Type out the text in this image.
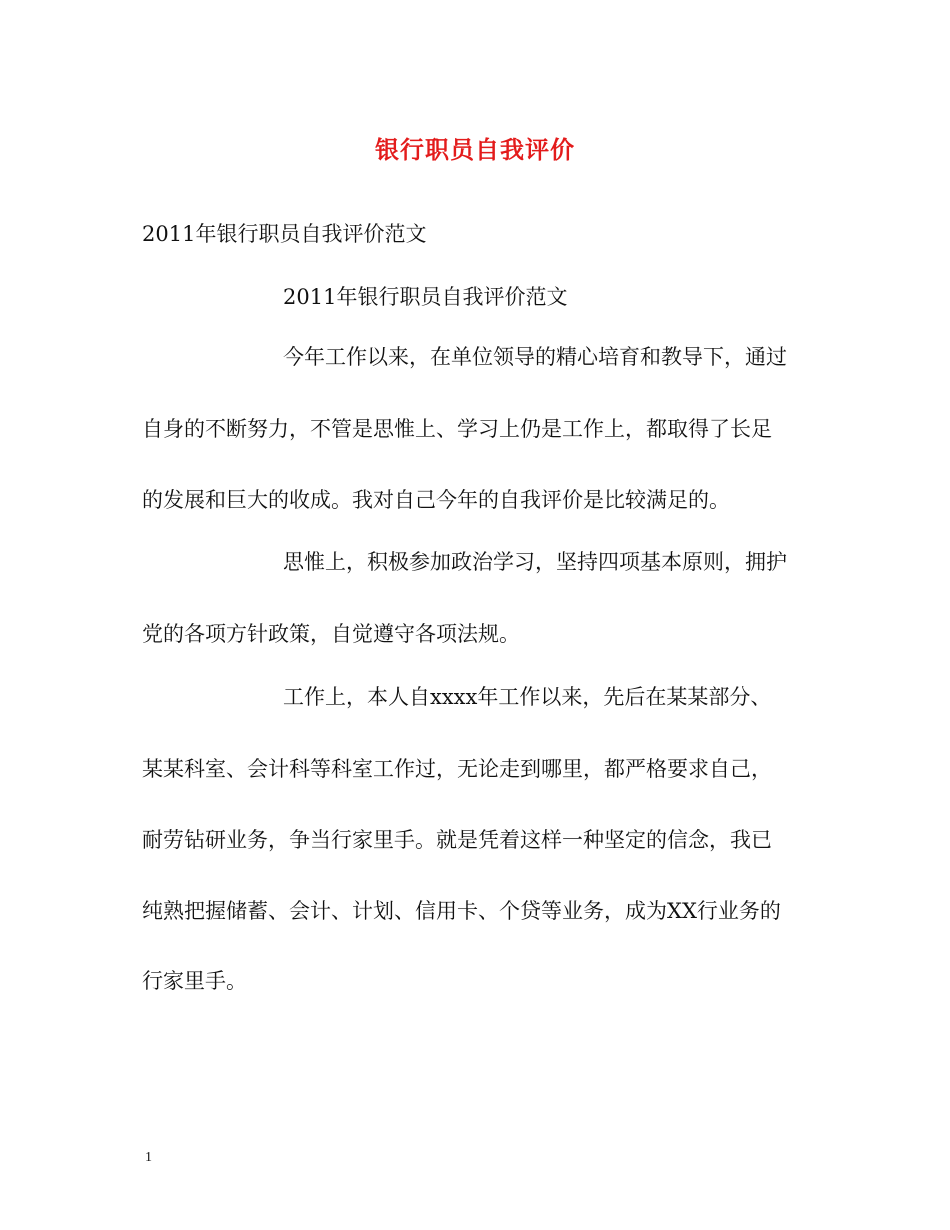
银行职员自我评价
2011年银行职员自我评价范文
2011年银行职员自我评价范文
今年工作以来，在单位领导的精心培育和教导下，通过
自身的不断努力，不管是思惟上、学习上仍是工作上，都取得了长足
的发展和巨大的收成。我对自己今年的自我评价是比较满足的。
思惟上，积极参加政治学习，坚持四项基本原则，拥护
党的各项方针政策，自觉遵守各项法规。
工作上，本人自xxxx年工作以来，先后在某某部分、
某某科室、会计科等科室工作过，无论走到哪里，都严格要求自己，
耐劳钻研业务，争当行家里手。就是凭着这样一种坚定的信念，我已
纯熟把握储蓄、会计、计划、信用卡、个贷等业务，成为XX行业务的
行家里手。
1
